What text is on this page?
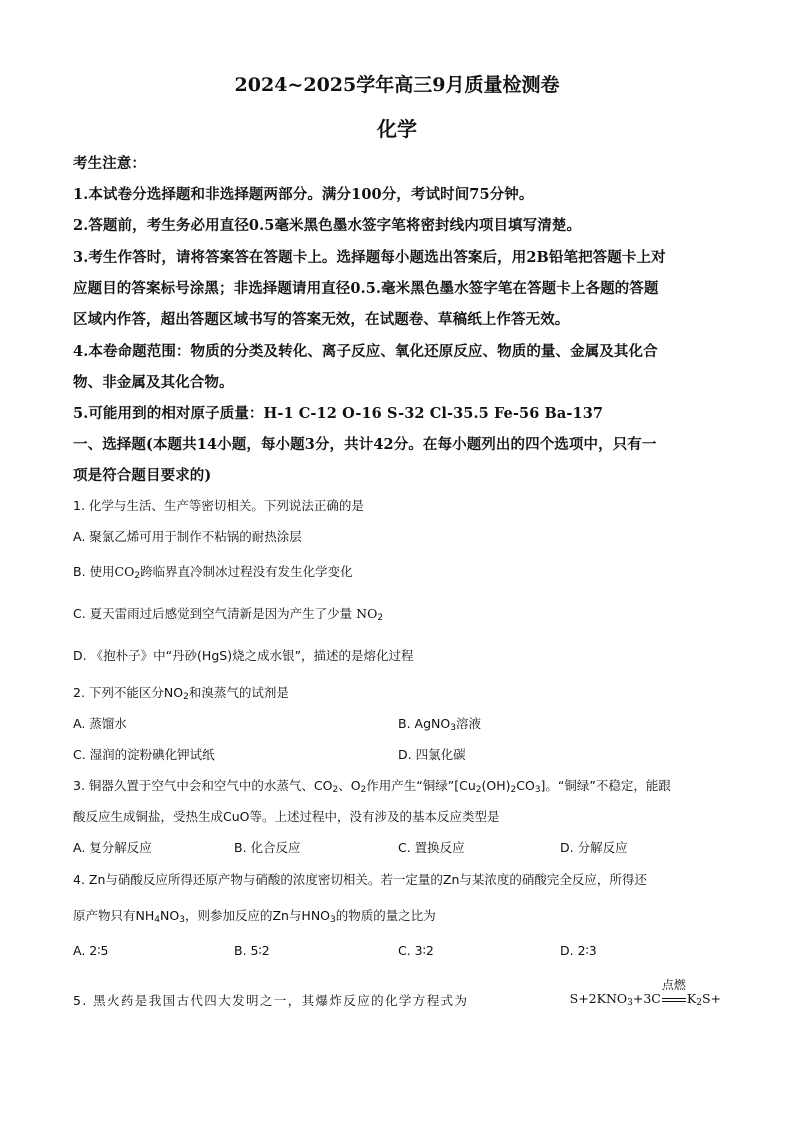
2024~2025学年高三9月质量检测卷
化学
考生注意：
1.本试卷分选择题和非选择题两部分。满分100分，考试时间75分钟。
2.答题前，考生务必用直径0.5毫米黑色墨水签字笔将密封线内项目填写清楚。
3.考生作答时，请将答案答在答题卡上。选择题每小题选出答案后，用2B铅笔把答题卡上对
应题目的答案标号涂黑；非选择题请用直径0.5.毫米黑色墨水签字笔在答题卡上各题的答题
区域内作答，超出答题区域书写的答案无效，在试题卷、草稿纸上作答无效。
4.本卷命题范围：物质的分类及转化、离子反应、氧化还原反应、物质的量、金属及其化合
物、非金属及其化合物。
5.可能用到的相对原子质量：H-1 C-12 O-16 S-32 Cl-35.5 Fe-56 Ba-137
一、选择题(本题共14小题，每小题3分，共计42分。在每小题列出的四个选项中，只有一
项是符合题目要求的)
1. 化学与生活、生产等密切相关。下列说法正确的是
A. 聚氯乙烯可用于制作不粘锅的耐热涂层
B. 使用$CO_2$跨临界直冷制冰过程没有发生化学变化
C. 夏天雷雨过后感觉到空气清新是因为产生了少量 $NO_2$
D. 《抱朴子》中“丹砂(HgS)烧之成水银”，描述的是熔化过程
2. 下列不能区分$NO_2$和溴蒸气的试剂是
A. 蒸馏水	B. AgNO$_3$溶液
C. 湿润的淀粉碘化钾试纸	D. 四氯化碳
3. 铜器久置于空气中会和空气中的水蒸气、$CO_2$、$O_2$作用产生“铜绿$”[Cu_2(OH)_2CO_3]$。“铜绿”不稳定，能跟
酸反应生成铜盐，受热生成CuO等。上述过程中，没有涉及的基本反应类型是
A. 复分解反应	B. 化合反应	C. 置换反应	D. 分解反应
4. Zn与硝酸反应所得还原产物与硝酸的浓度密切相关。若一定量的Zn与某浓度的硝酸完全反应，所得还
原产物只有$NH_4NO_3$，则参加反应的Zn与$HNO_3$的物质的量之比为
A. 2∶5	B. 5∶2	C. 3∶2	D. 2∶3
5. 黑火药是我国古代四大发明之一，其爆炸反应的化学方程式为	$S+2KNO_3+3C$
点燃
$K_2S+$
